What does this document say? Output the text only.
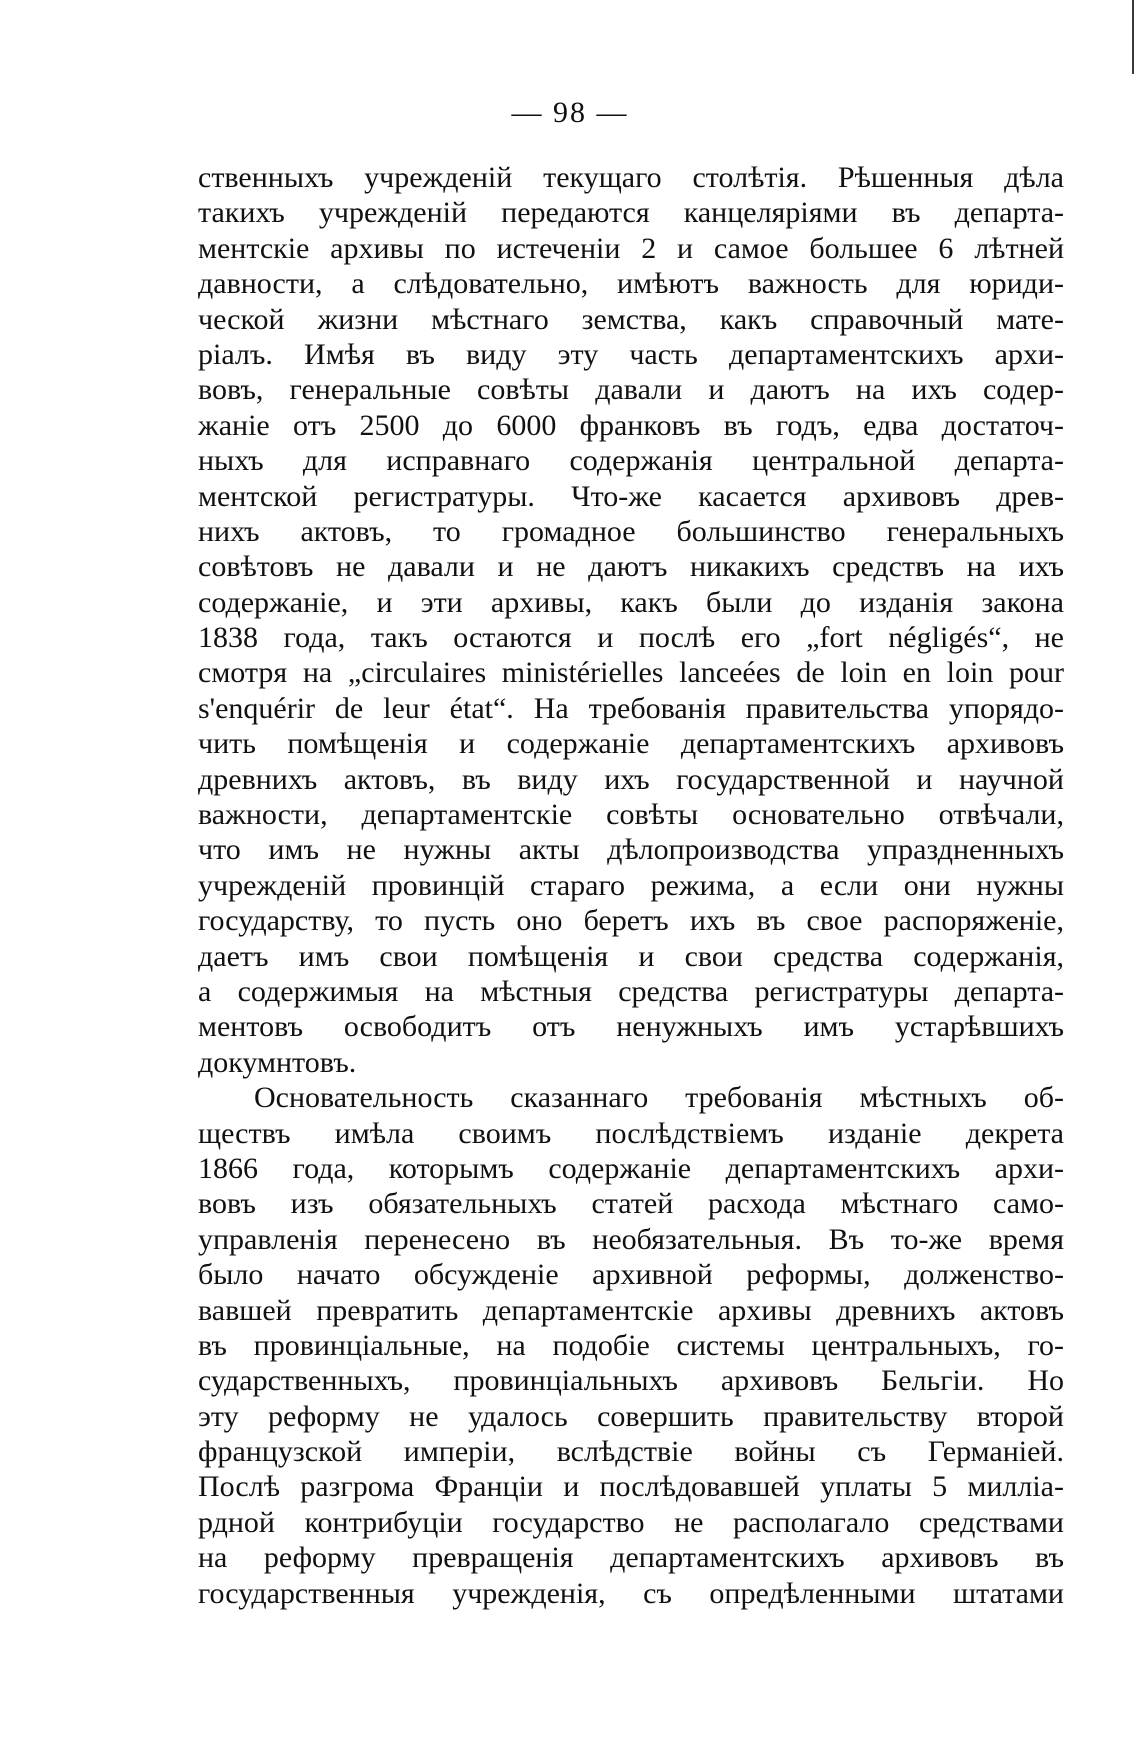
— 98 —
ственныхъ учрежденій текущаго столѣтія. Рѣшенныя дѣла
такихъ учрежденій передаются канцеляріями въ департа-
ментскіе архивы по истеченіи 2 и самое большее 6 лѣтней
давности, а слѣдовательно, имѣютъ важность для юриди-
ческой жизни мѣстнаго земства, какъ справочный мате-
ріалъ. Имѣя въ виду эту часть департаментскихъ архи-
вовъ, генеральные совѣты давали и даютъ на ихъ содер-
жаніе отъ 2500 до 6000 франковъ въ годъ, едва достаточ-
ныхъ для исправнаго содержанія центральной департа-
ментской регистратуры. Что-же касается архивовъ древ-
нихъ актовъ, то громадное большинство генеральныхъ
совѣтовъ не давали и не даютъ никакихъ средствъ на ихъ
содержаніе, и эти архивы, какъ были до изданія закона
1838 года, такъ остаются и послѣ его „fort négligés“, не
смотря на „circulaires ministérielles lanceées de loin en loin pour
s'enquérir de leur état“. На требованія правительства упорядо-
чить помѣщенія и содержаніе департаментскихъ архивовъ
древнихъ актовъ, въ виду ихъ государственной и научной
важности, департаментскіе совѣты основательно отвѣчали,
что имъ не нужны акты дѣлопроизводства упраздненныхъ
учрежденій провинцій стараго режима, а если они нужны
государству, то пусть оно беретъ ихъ въ свое распоряженіе,
даетъ имъ свои помѣщенія и свои средства содержанія,
а содержимыя на мѣстныя средства регистратуры департа-
ментовъ освободитъ отъ ненужныхъ имъ устарѣвшихъ
докумнтовъ.
Основательность сказаннаго требованія мѣстныхъ об-
ществъ имѣла своимъ послѣдствіемъ изданіе декрета
1866 года, которымъ содержаніе департаментскихъ архи-
вовъ изъ обязательныхъ статей расхода мѣстнаго само-
управленія перенесено въ необязательныя. Въ то-же время
было начато обсужденіе архивной реформы, долженство-
вавшей превратить департаментскіе архивы древнихъ актовъ
въ провинціальные, на подобіе системы центральныхъ, го-
сударственныхъ, провинціальныхъ архивовъ Бельгіи. Но
эту реформу не удалось совершить правительству второй
французской имперіи, вслѣдствіе войны съ Германіей.
Послѣ разгрома Франціи и послѣдовавшей уплаты 5 милліа-
рдной контрибуціи государство не располагало средствами
на реформу превращенія департаментскихъ архивовъ въ
государственныя учрежденія, съ опредѣленными штатами
